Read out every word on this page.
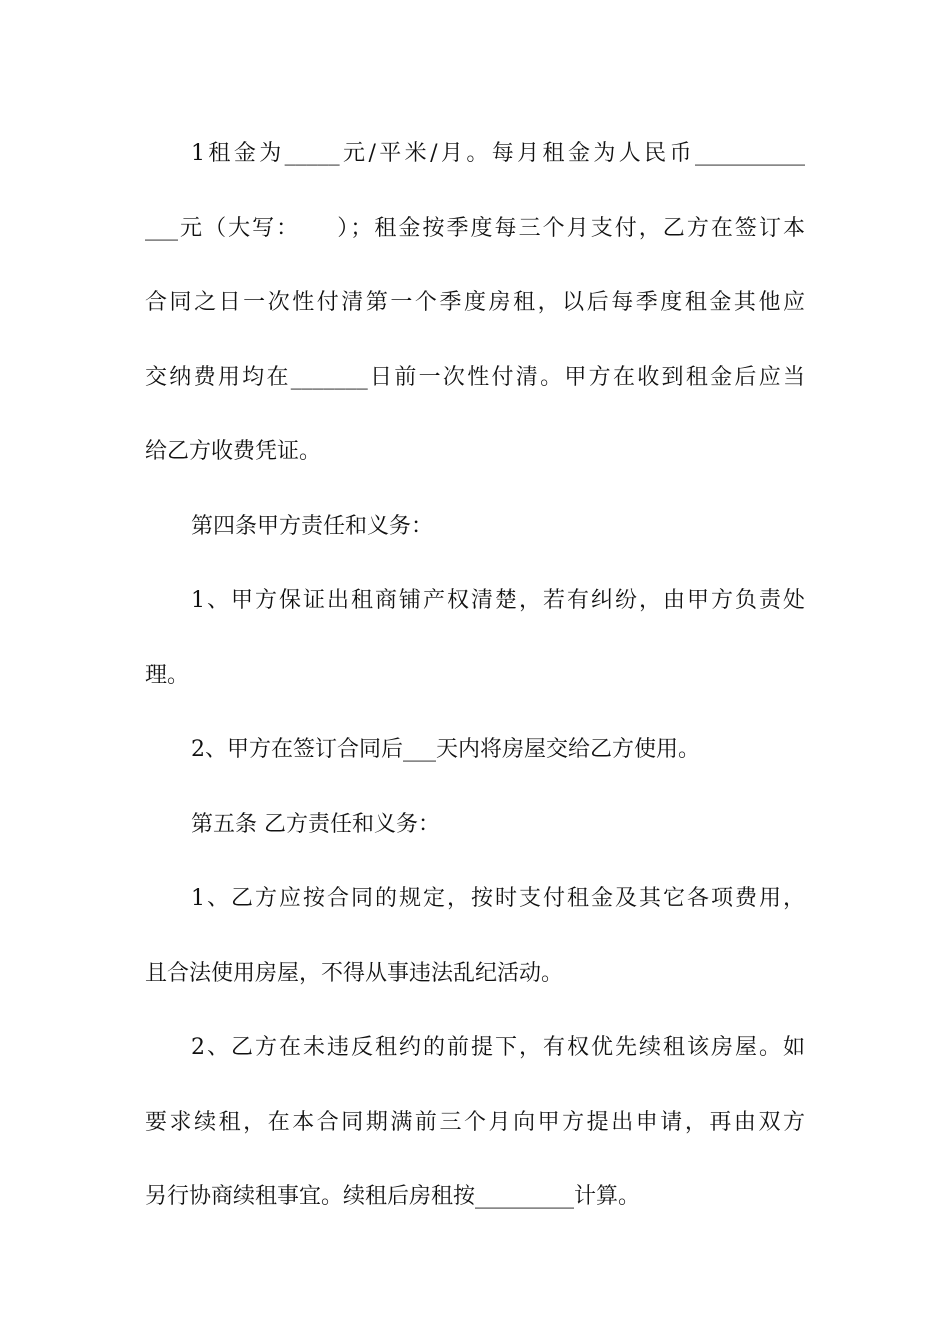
1租金为_____元/平米/月。每月租金为人民币__________
___元（大写：　　）；租金按季度每三个月支付，乙方在签订本
合同之日一次性付清第一个季度房租，以后每季度租金其他应
交纳费用均在_______日前一次性付清。甲方在收到租金后应当
给乙方收费凭证。
第四条甲方责任和义务：
1、甲方保证出租商铺产权清楚，若有纠纷，由甲方负责处
理。
2、甲方在签订合同后___天内将房屋交给乙方使用。
第五条 乙方责任和义务：
1、乙方应按合同的规定，按时支付租金及其它各项费用，
且合法使用房屋，不得从事违法乱纪活动。
2、乙方在未违反租约的前提下，有权优先续租该房屋。如
要求续租，在本合同期满前三个月向甲方提出申请，再由双方
另行协商续租事宜。续租后房租按_________计算。
